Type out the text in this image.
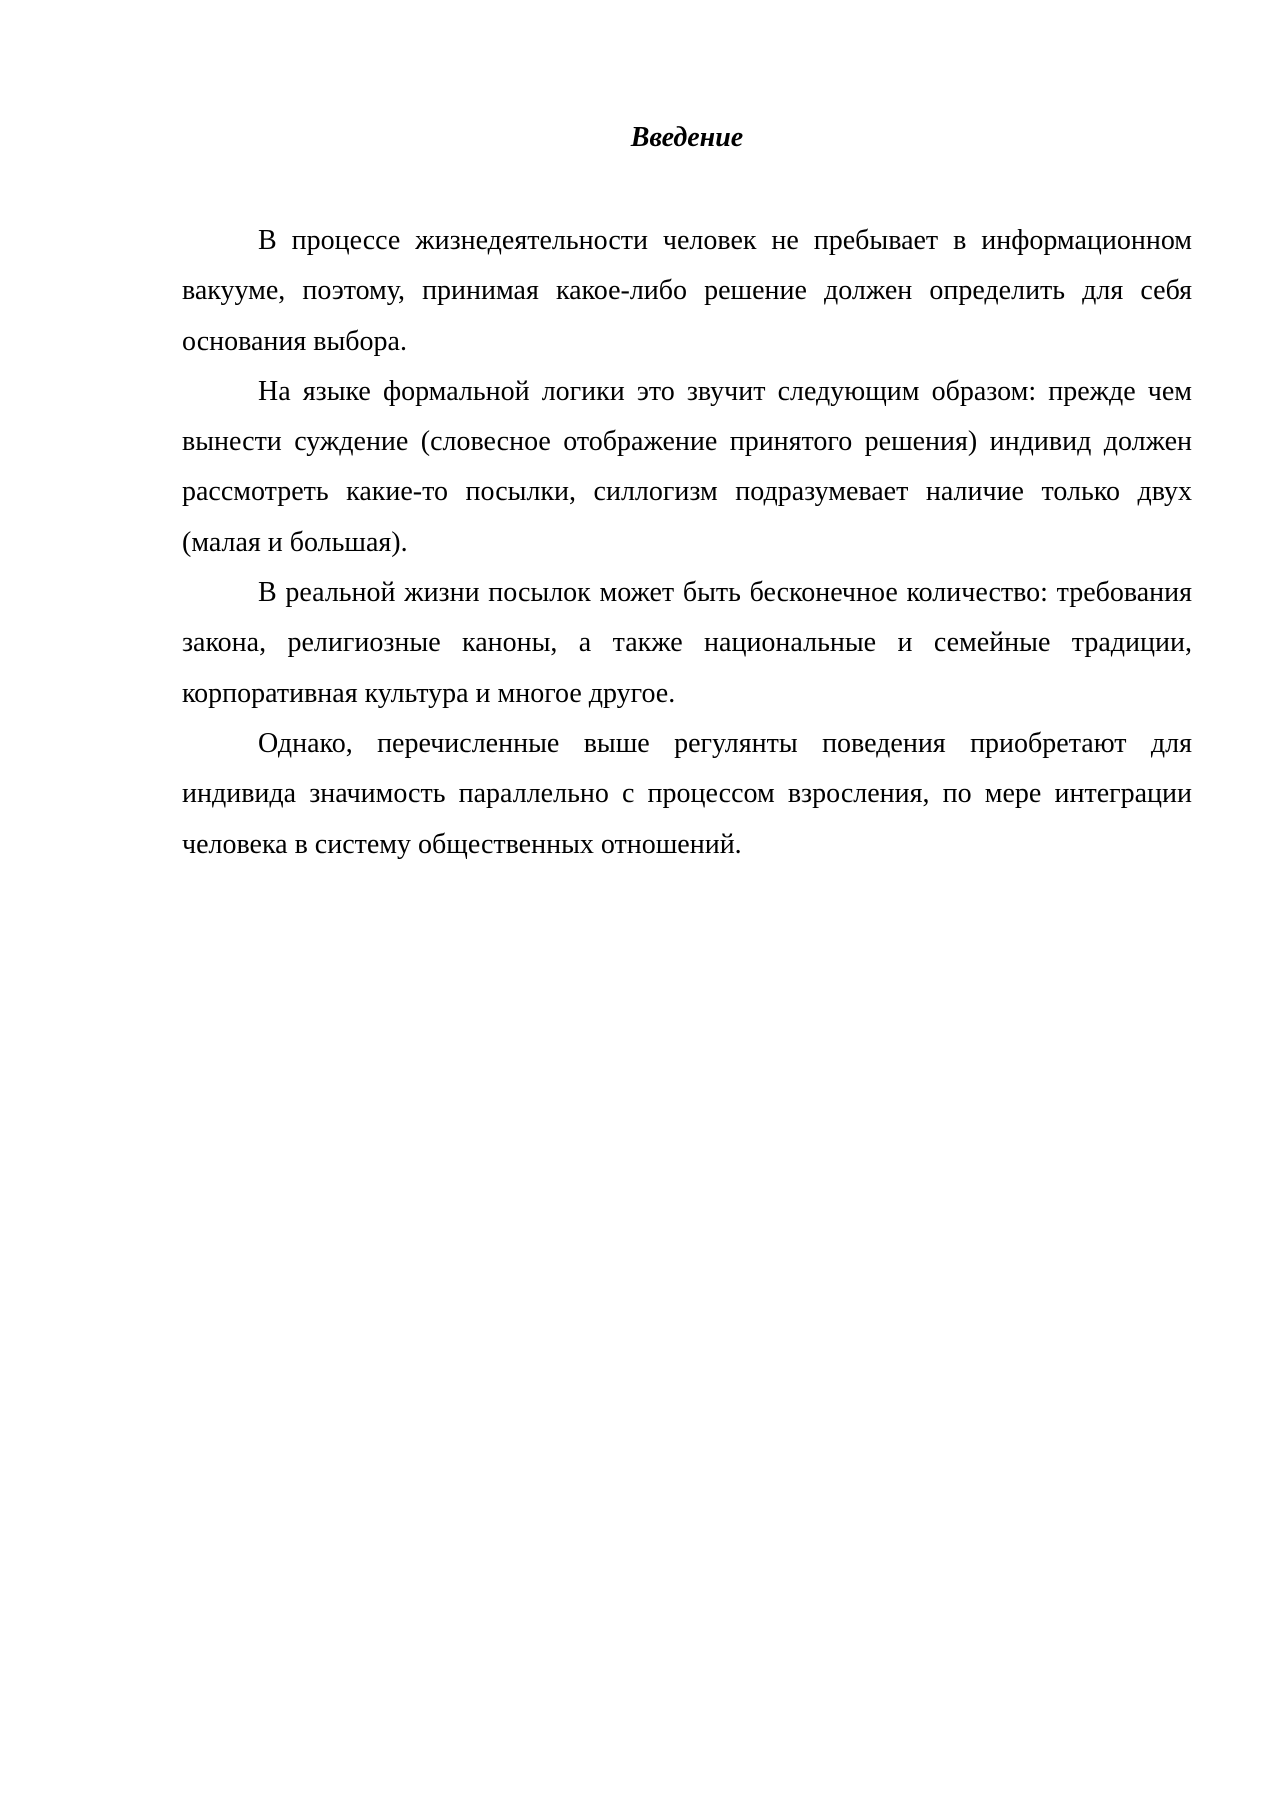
Введение

В процессе жизнедеятельности человек не пребывает в информационном вакууме, поэтому, принимая какое-либо решение должен определить для себя основания выбора.

На языке формальной логики это звучит следующим образом: прежде чем вынести суждение (словесное отображение принятого решения) индивид должен рассмотреть какие-то посылки, силлогизм подразумевает наличие только двух (малая и большая).

В реальной жизни посылок может быть бесконечное количество: требования закона, религиозные каноны, а также национальные и семейные традиции, корпоративная культура и многое другое.

Однако, перечисленные выше регулянты поведения приобретают для индивида значимость параллельно с процессом взросления, по мере интеграции человека в систему общественных отношений.
